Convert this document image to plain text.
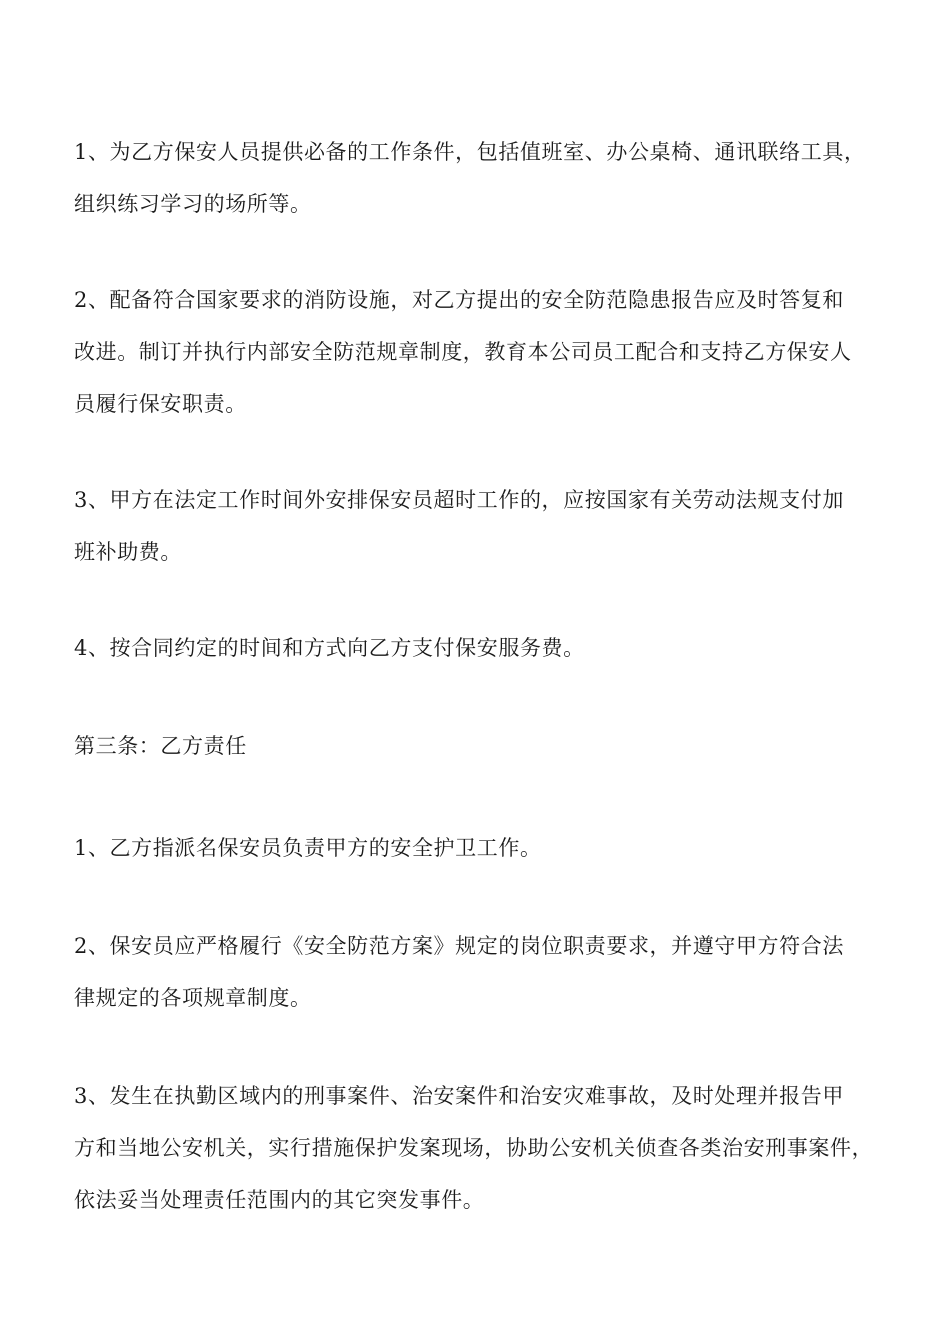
1、为乙方保安人员提供必备的工作条件，包括值班室、办公桌椅、通讯联络工具，
组织练习学习的场所等。

2、配备符合国家要求的消防设施，对乙方提出的安全防范隐患报告应及时答复和
改进。制订并执行内部安全防范规章制度，教育本公司员工配合和支持乙方保安人
员履行保安职责。

3、甲方在法定工作时间外安排保安员超时工作的，应按国家有关劳动法规支付加
班补助费。

4、按合同约定的时间和方式向乙方支付保安服务费。

第三条：乙方责任

1、乙方指派名保安员负责甲方的安全护卫工作。

2、保安员应严格履行《安全防范方案》规定的岗位职责要求，并遵守甲方符合法
律规定的各项规章制度。

3、发生在执勤区域内的刑事案件、治安案件和治安灾难事故，及时处理并报告甲
方和当地公安机关，实行措施保护发案现场，协助公安机关侦查各类治安刑事案件，
依法妥当处理责任范围内的其它突发事件。
